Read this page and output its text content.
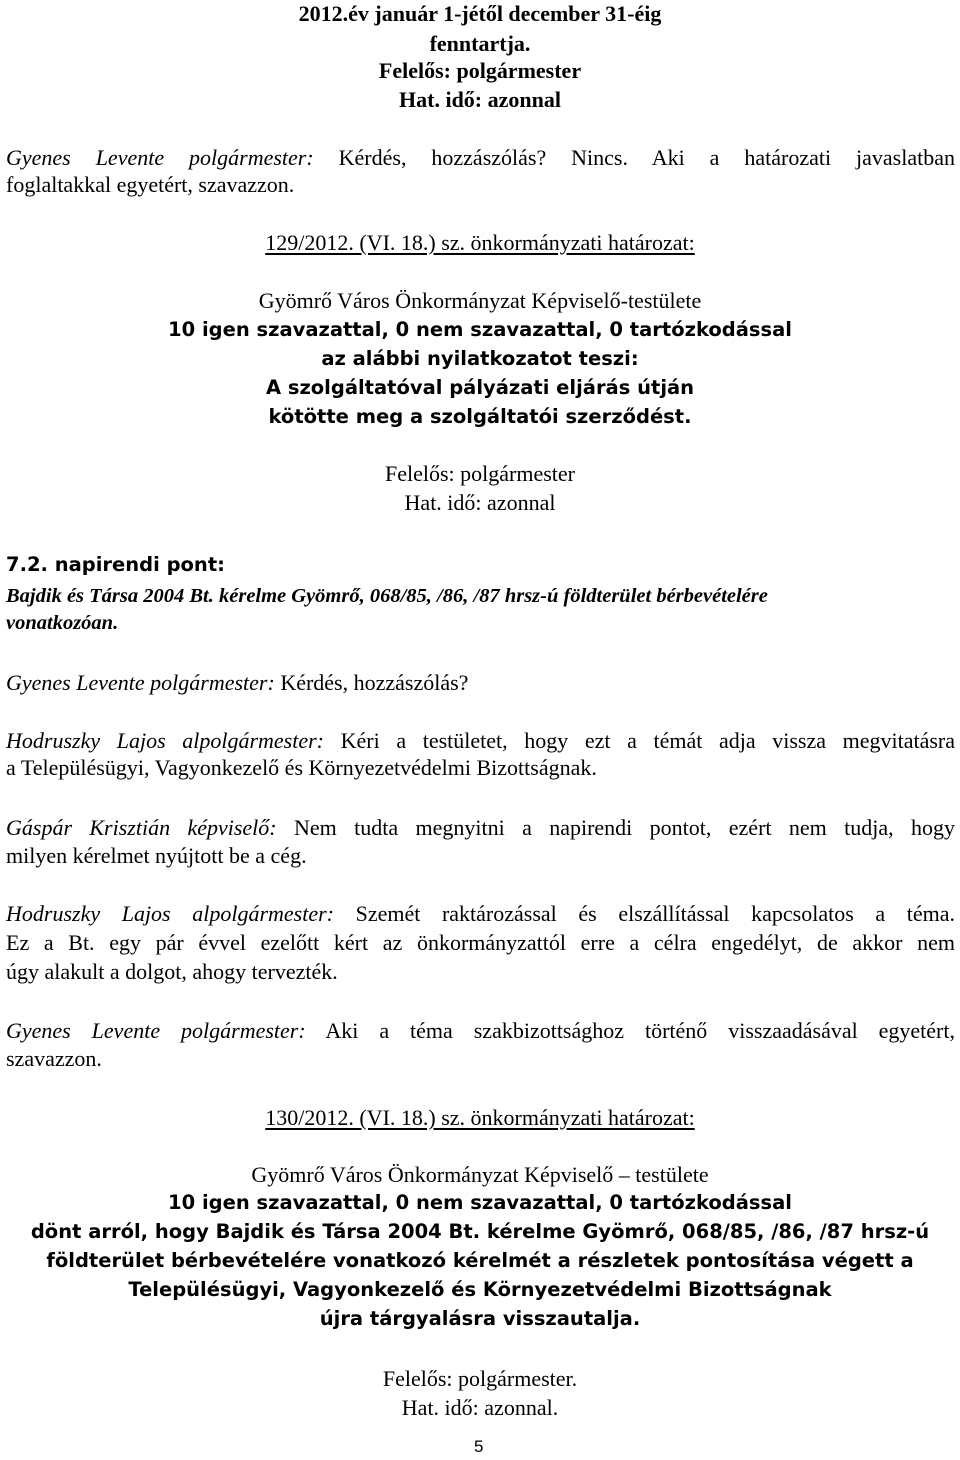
2012.év január 1-jétől december 31-éig
fenntartja.
Felelős: polgármester
Hat. idő: azonnal
Gyenes Levente polgármester: Kérdés, hozzászólás? Nincs. Aki a határozati javaslatban
foglaltakkal egyetért, szavazzon.
129/2012. (VI. 18.) sz. önkormányzati határozat:
Gyömrő Város Önkormányzat Képviselő-testülete
10 igen szavazattal, 0 nem szavazattal, 0 tartózkodással
az alábbi nyilatkozatot teszi:
A szolgáltatóval pályázati eljárás útján
kötötte meg a szolgáltatói szerződést.
Felelős: polgármester
Hat. idő: azonnal
7.2. napirendi pont:
Bajdik és Társa 2004 Bt. kérelme Gyömrő, 068/85, /86, /87 hrsz-ú földterület bérbevételére
vonatkozóan.
Gyenes Levente polgármester: Kérdés, hozzászólás?
Hodruszky Lajos alpolgármester: Kéri a testületet, hogy ezt a témát adja vissza megvitatásra
a Településügyi, Vagyonkezelő és Környezetvédelmi Bizottságnak.
Gáspár Krisztián képviselő: Nem tudta megnyitni a napirendi pontot, ezért nem tudja, hogy
milyen kérelmet nyújtott be a cég.
Hodruszky Lajos alpolgármester: Szemét raktározással és elszállítással kapcsolatos a téma.
Ez a Bt. egy pár évvel ezelőtt kért az önkormányzattól erre a célra engedélyt, de akkor nem
úgy alakult a dolgot, ahogy tervezték.
Gyenes Levente polgármester: Aki a téma szakbizottsághoz történő visszaadásával egyetért,
szavazzon.
130/2012. (VI. 18.) sz. önkormányzati határozat:
Gyömrő Város Önkormányzat Képviselő – testülete
10 igen szavazattal, 0 nem szavazattal, 0 tartózkodással
dönt arról, hogy Bajdik és Társa 2004 Bt. kérelme Gyömrő, 068/85, /86, /87 hrsz-ú
földterület bérbevételére vonatkozó kérelmét a részletek pontosítása végett a
Településügyi, Vagyonkezelő és Környezetvédelmi Bizottságnak
újra tárgyalásra visszautalja.
Felelős: polgármester.
Hat. idő: azonnal.
5
